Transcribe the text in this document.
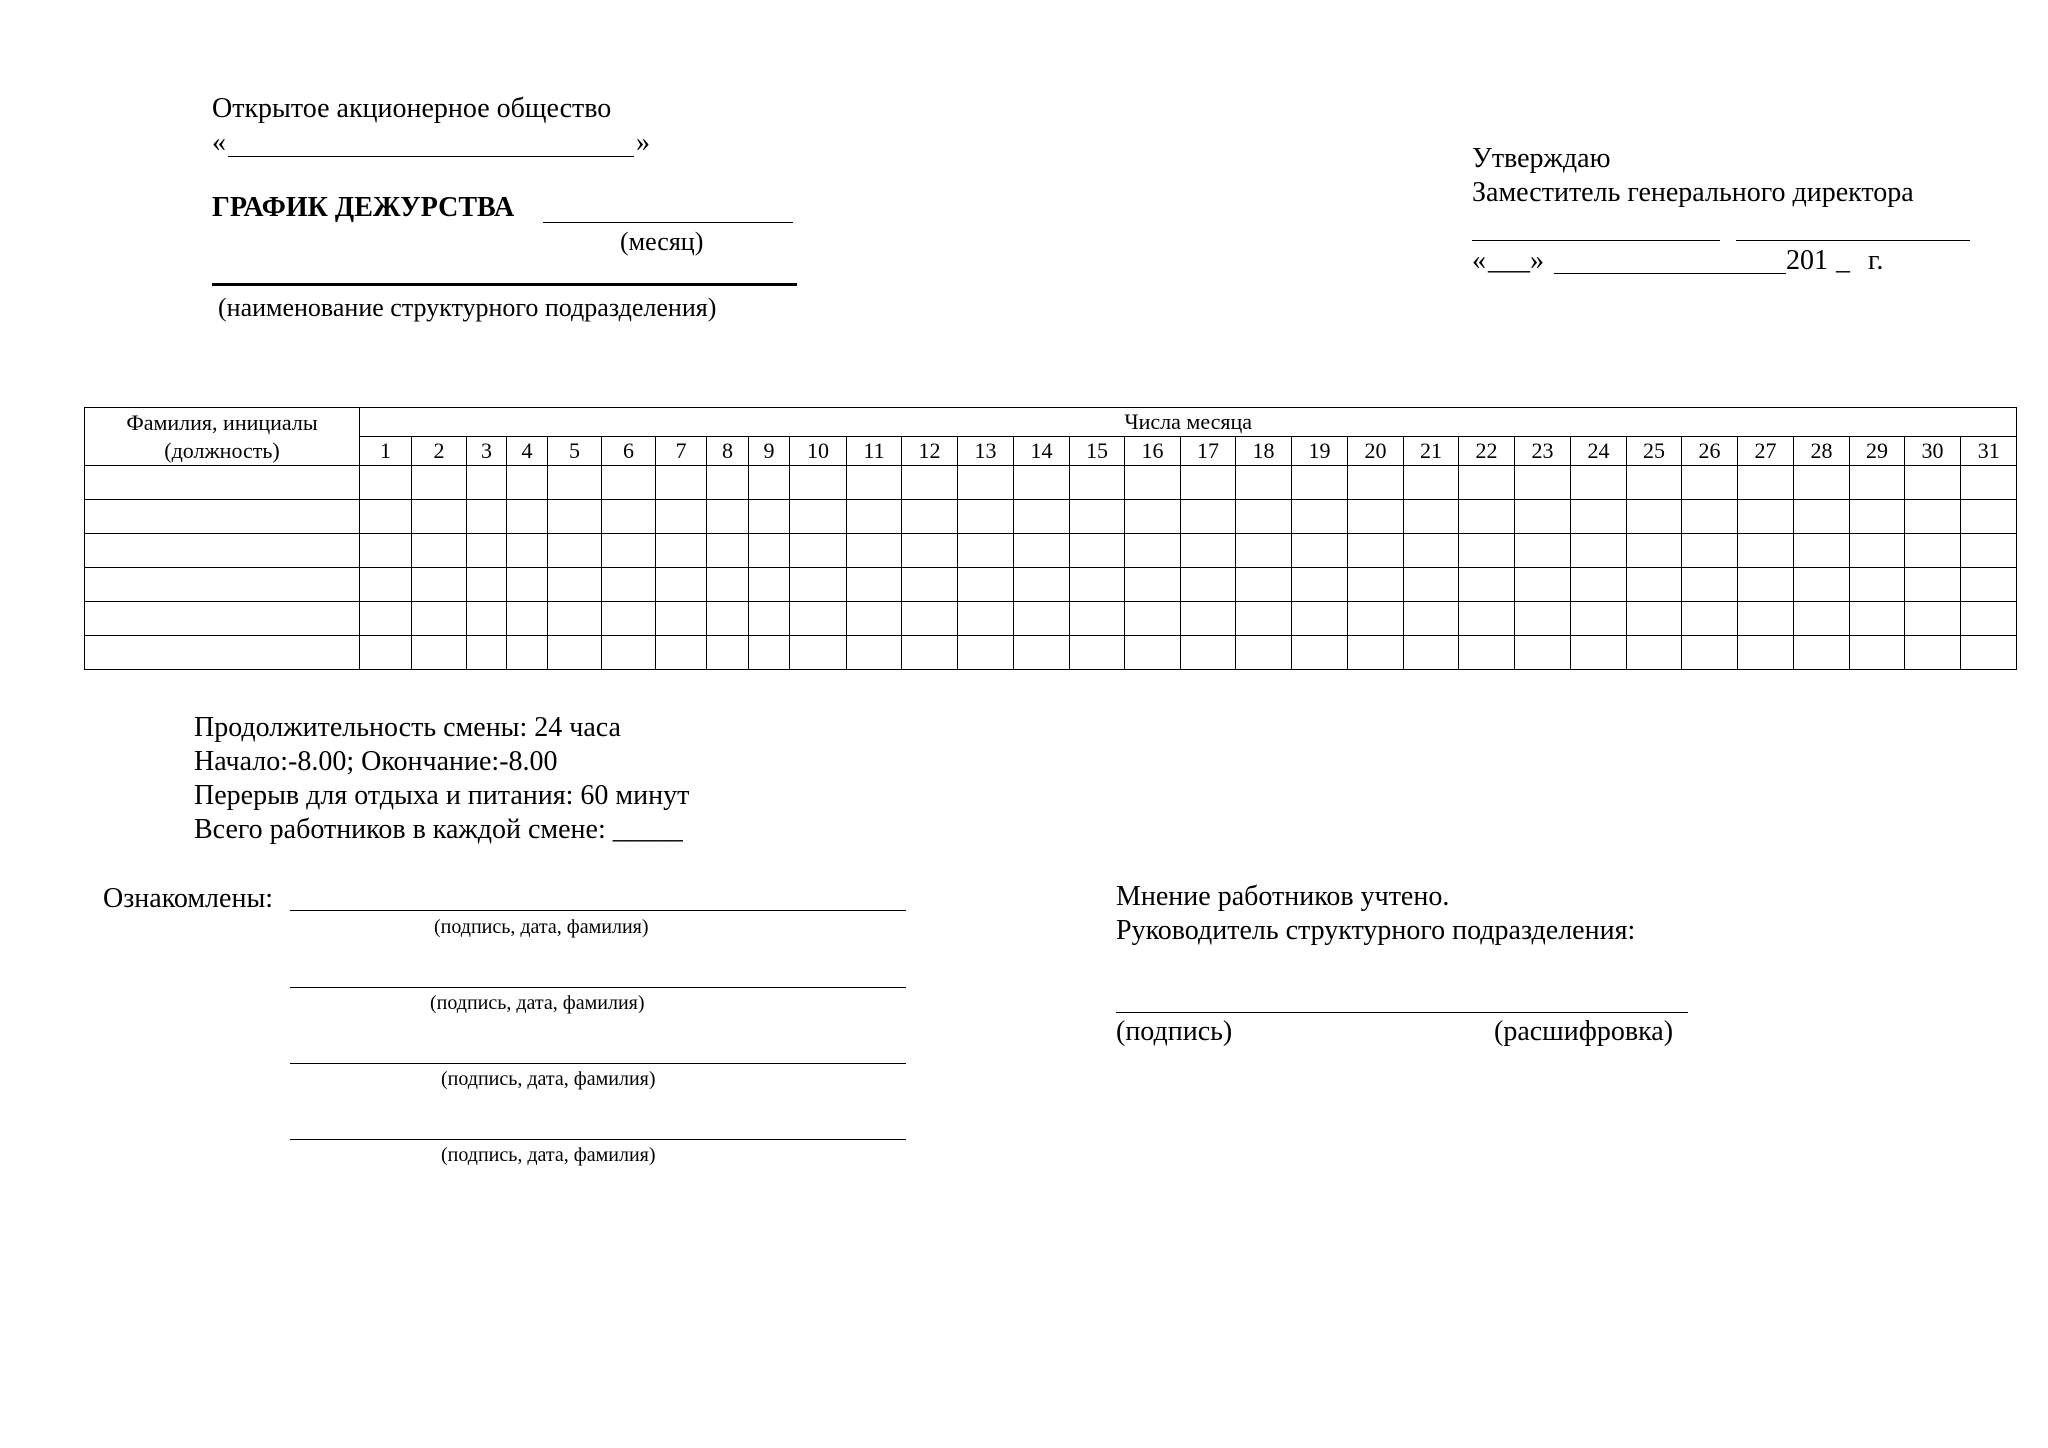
Открытое акционерное общество
«	»
ГРАФИК ДЕЖУРСТВА
(месяц)
(наименование структурного подразделения)
Утверждаю
Заместитель генерального директора
« ___ »	201 _ г.
Фамилия, инициалы
(должность)	Числа месяца																														
	1	2	3	4	5	6	7	8	9	10	11	12	13	14	15	16	17	18	19	20	21	22	23	24	25	26	27	28	29	30	31

Продолжительность смены: 24 часа
Начало:-8.00; Окончание:-8.00
Перерыв для отдыха и питания: 60 минут
Всего работников в каждой смене: _____
Ознакомлены:
(подпись, дата, фамилия)
(подпись, дата, фамилия)
(подпись, дата, фамилия)
(подпись, дата, фамилия)
Мнение работников учтено.
Руководитель структурного подразделения:
(подпись)	(расшифровка)
